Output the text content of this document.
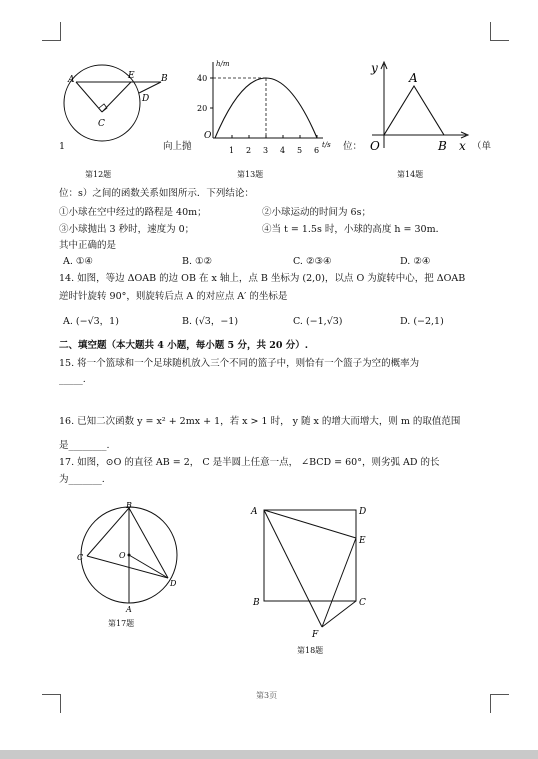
A	E	B
D
C
1
第12题
h/m
40
20
O
1 2 3 4 5 6
t/s
向上抛
第13题
y
A
O	B x
位：	（单
第14题
位：s）之间的函数关系如图所示．下列结论：
①小球在空中经过的路程是 40m；	②小球运动的时间为 6s；
③小球抛出 3 秒时，速度为 0；	④当 t = 1.5s 时，小球的高度 h = 30m．
其中正确的是
A. ①④	B. ①②	C. ②③④	D. ②④
14. 如图，等边 ΔOAB 的边 OB 在 x 轴上，点 B 坐标为 (2,0)，以点 O 为旋转中心，把 ΔOAB
逆时针旋转 90°，则旋转后点 A 的对应点 A′ 的坐标是
A. (−√3，1)	B. (√3，−1)	C. (−1,√3)	D. (−2,1)
二、填空题（本大题共 4 小题，每小题 5 分，共 20 分）.
15. 将一个篮球和一个足球随机放入三个不同的篮子中，则恰有一个篮子为空的概率为
_____.
16. 已知二次函数 y = x² + 2mx + 1，若 x > 1 时， y 随 x 的增大而增大，则 m 的取值范围
是________.
17. 如图，⊙O 的直径 AB = 2， C 是半圆上任意一点， ∠BCD = 60°，则劣弧 AD 的长
为_______.
B
C	O
D
A
第17题
A	D
E
B	C
F
第18题
第3页
